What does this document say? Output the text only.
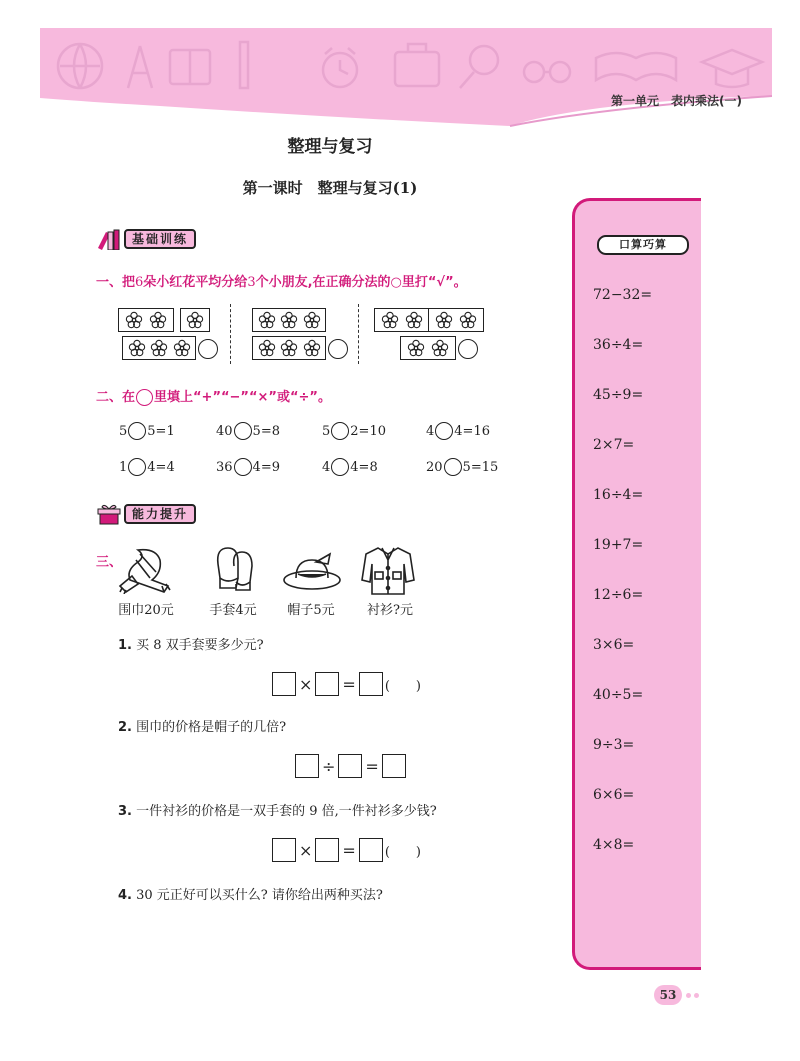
第一单元　表内乘法(一)
整理与复习
第一课时　整理与复习(1)
基础训练
一、把6朵小红花平均分给3个小朋友,在正确分法的○里打“√”。
二、在 里填上“+”“−”“×”或“÷”。
5 5=1	40 5=8	5 2=10	4 4=16
1 4=4	36 4=9	4 4=8	20 5=15
能力提升
三、
围巾20元	手套4元	帽子5元	衬衫?元
1. 买 8 双手套要多少元?
× = (　　)
2. 围巾的价格是帽子的几倍?
÷ =
3. 一件衬衫的价格是一双手套的 9 倍,一件衬衫多少钱?
× = (　　)
4. 30 元正好可以买什么? 请你给出两种买法?
口算巧算
72−32=
36÷4=
45÷9=
2×7=
16÷4=
19+7=
12÷6=
3×6=
40÷5=
9÷3=
6×6=
4×8=
53
